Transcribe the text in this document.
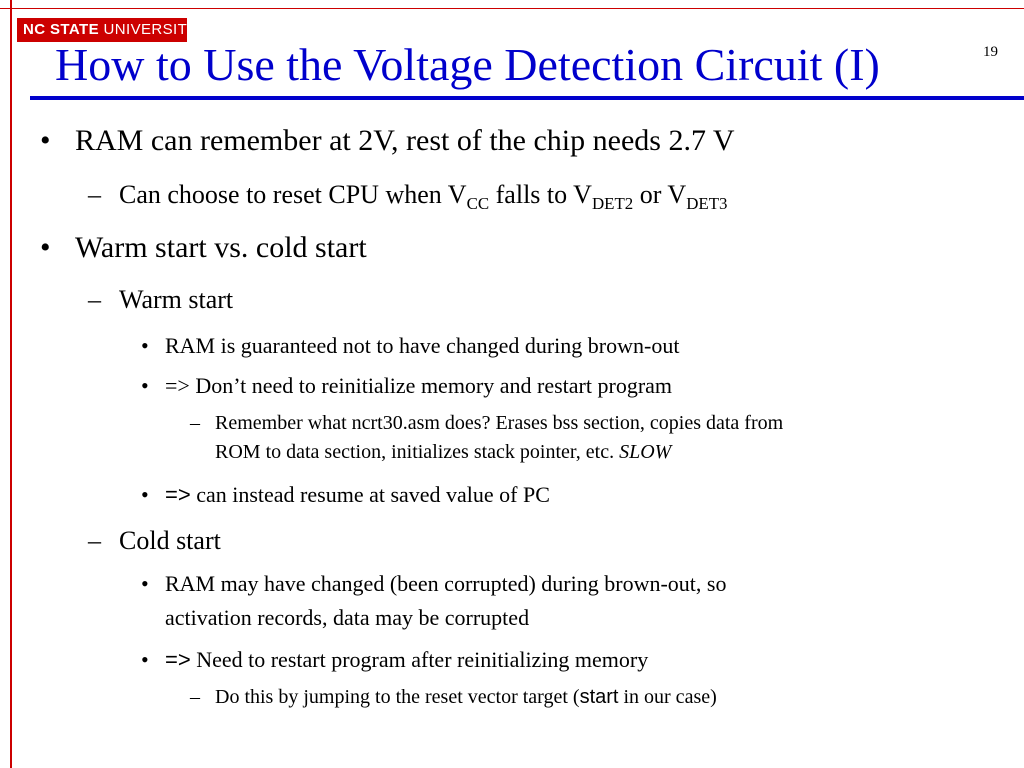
NC STATE UNIVERSITY
How to Use the Voltage Detection Circuit (I)	19
• RAM can remember at 2V, rest of the chip needs 2.7 V
– Can choose to reset CPU when $V_{CC}$ falls to $V_{DET2}$ or $V_{DET3}$
• Warm start vs. cold start
– Warm start
• RAM is guaranteed not to have changed during brown-out
• => Don’t need to reinitialize memory and restart program
– Remember what ncrt30.asm does? Erases bss section, copies data from
ROM to data section, initializes stack pointer, etc. SLOW
• => can instead resume at saved value of PC
– Cold start
• RAM may have changed (been corrupted) during brown-out, so
activation records, data may be corrupted
• => Need to restart program after reinitializing memory
– Do this by jumping to the reset vector target (start in our case)
